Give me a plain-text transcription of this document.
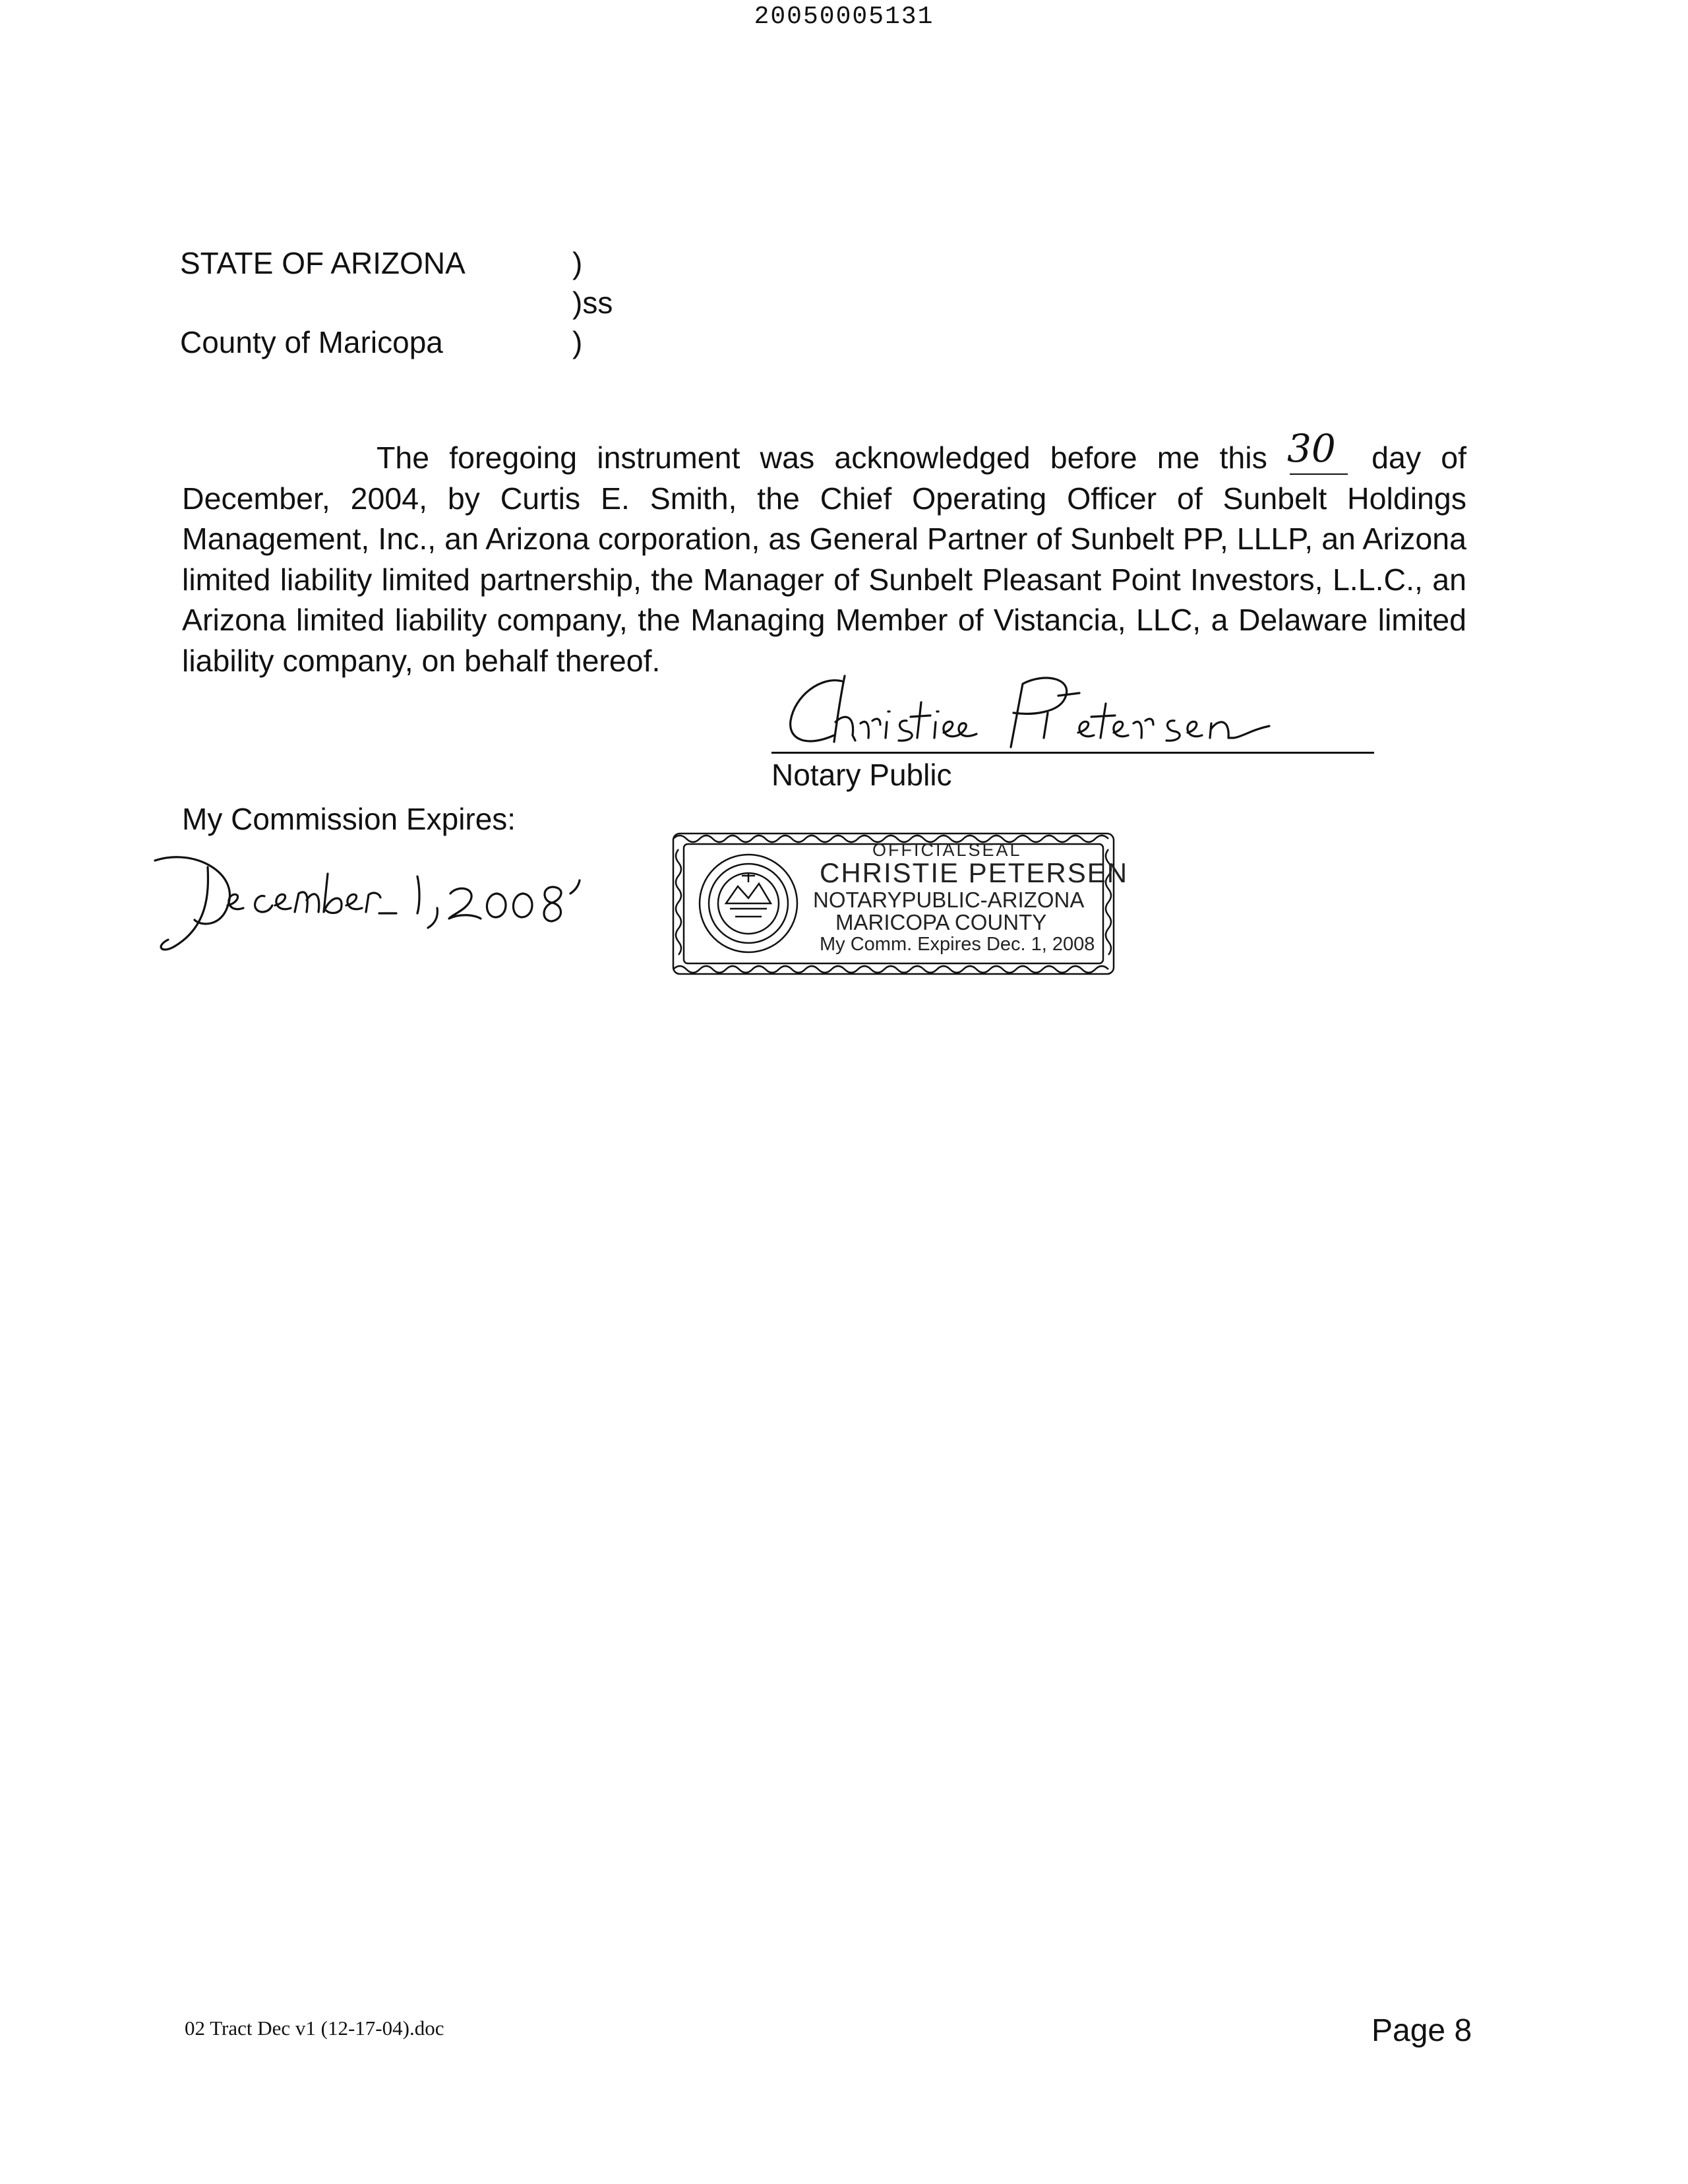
20050005131
STATE OF ARIZONA	)
)ss
County of Maricopa	)
The foregoing instrument was acknowledged before me this 30 day of December, 2004, by Curtis E. Smith, the Chief Operating Officer of Sunbelt Holdings Management, Inc., an Arizona corporation, as General Partner of Sunbelt PP, LLLP, an Arizona limited liability limited partnership, the Manager of Sunbelt Pleasant Point Investors, L.L.C., an Arizona limited liability company, the Managing Member of Vistancia, LLC, a Delaware limited liability company, on behalf thereof.
Notary Public
My Commission Expires:
OFFICIALSEAL
CHRISTIE PETERSEN
NOTARYPUBLIC-ARIZONA
MARICOPA COUNTY
My Comm. Expires Dec. 1, 2008
02 Tract Dec v1 (12-17-04).doc	Page 8
